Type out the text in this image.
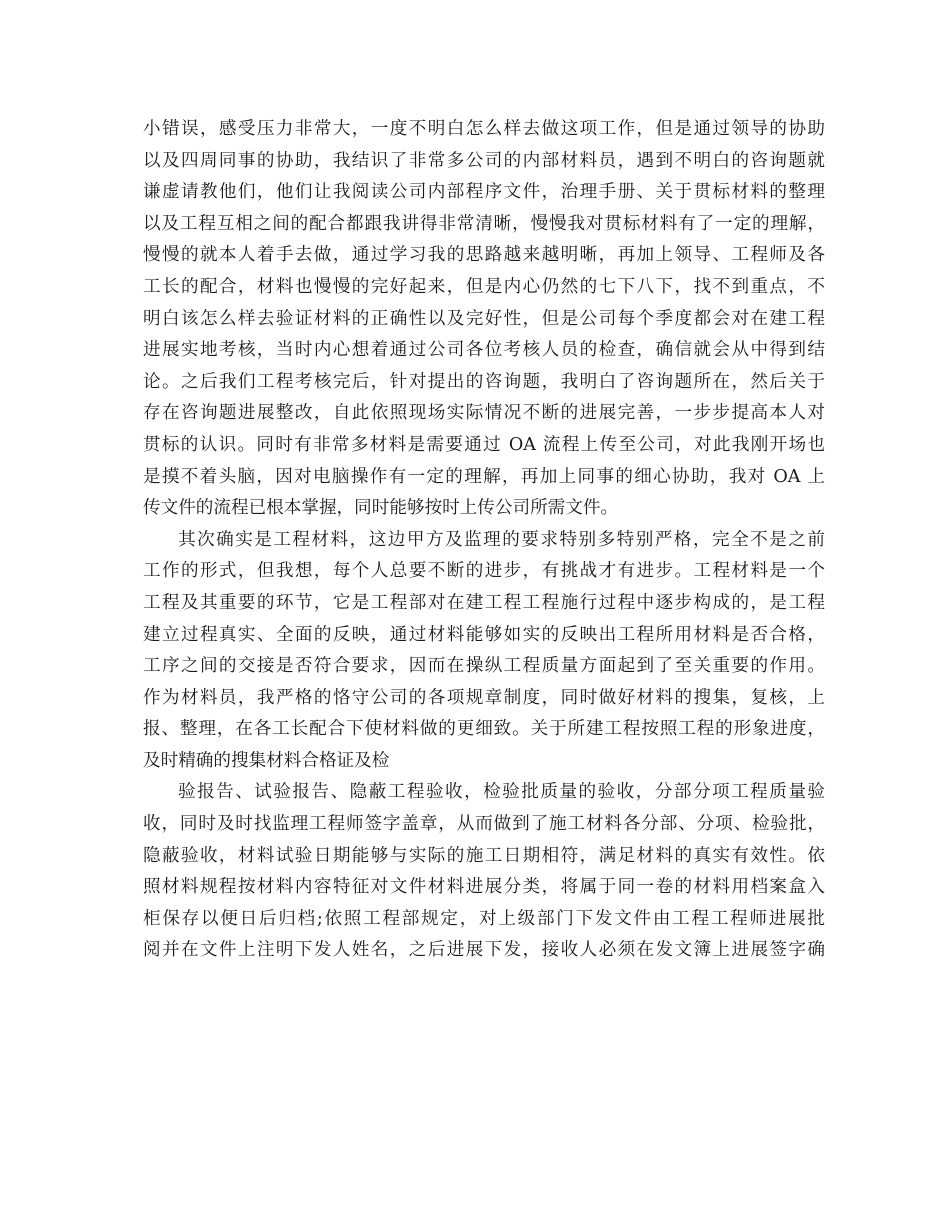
小错误，感受压力非常大，一度不明白怎么样去做这项工作，但是通过领导的协助
以及四周同事的协助，我结识了非常多公司的内部材料员，遇到不明白的咨询题就
谦虚请教他们，他们让我阅读公司内部程序文件，治理手册、关于贯标材料的整理
以及工程互相之间的配合都跟我讲得非常清晰，慢慢我对贯标材料有了一定的理解，
慢慢的就本人着手去做，通过学习我的思路越来越明晰，再加上领导、工程师及各
工长的配合，材料也慢慢的完好起来，但是内心仍然的七下八下，找不到重点，不
明白该怎么样去验证材料的正确性以及完好性，但是公司每个季度都会对在建工程
进展实地考核，当时内心想着通过公司各位考核人员的检查，确信就会从中得到结
论。之后我们工程考核完后，针对提出的咨询题，我明白了咨询题所在，然后关于
存在咨询题进展整改，自此依照现场实际情况不断的进展完善，一步步提高本人对
贯标的认识。同时有非常多材料是需要通过 OA 流程上传至公司，对此我刚开场也
是摸不着头脑，因对电脑操作有一定的理解，再加上同事的细心协助，我对 OA 上
传文件的流程已根本掌握，同时能够按时上传公司所需文件。
其次确实是工程材料，这边甲方及监理的要求特别多特别严格，完全不是之前
工作的形式，但我想，每个人总要不断的进步，有挑战才有进步。工程材料是一个
工程及其重要的环节，它是工程部对在建工程工程施行过程中逐步构成的，是工程
建立过程真实、全面的反映，通过材料能够如实的反映出工程所用材料是否合格，
工序之间的交接是否符合要求，因而在操纵工程质量方面起到了至关重要的作用。
作为材料员，我严格的恪守公司的各项规章制度，同时做好材料的搜集，复核，上
报、整理，在各工长配合下使材料做的更细致。关于所建工程按照工程的形象进度，
及时精确的搜集材料合格证及检
验报告、试验报告、隐蔽工程验收，检验批质量的验收，分部分项工程质量验
收，同时及时找监理工程师签字盖章，从而做到了施工材料各分部、分项、检验批，
隐蔽验收，材料试验日期能够与实际的施工日期相符，满足材料的真实有效性。依
照材料规程按材料内容特征对文件材料进展分类，将属于同一卷的材料用档案盒入
柜保存以便日后归档;依照工程部规定，对上级部门下发文件由工程工程师进展批
阅并在文件上注明下发人姓名，之后进展下发，接收人必须在发文簿上进展签字确
